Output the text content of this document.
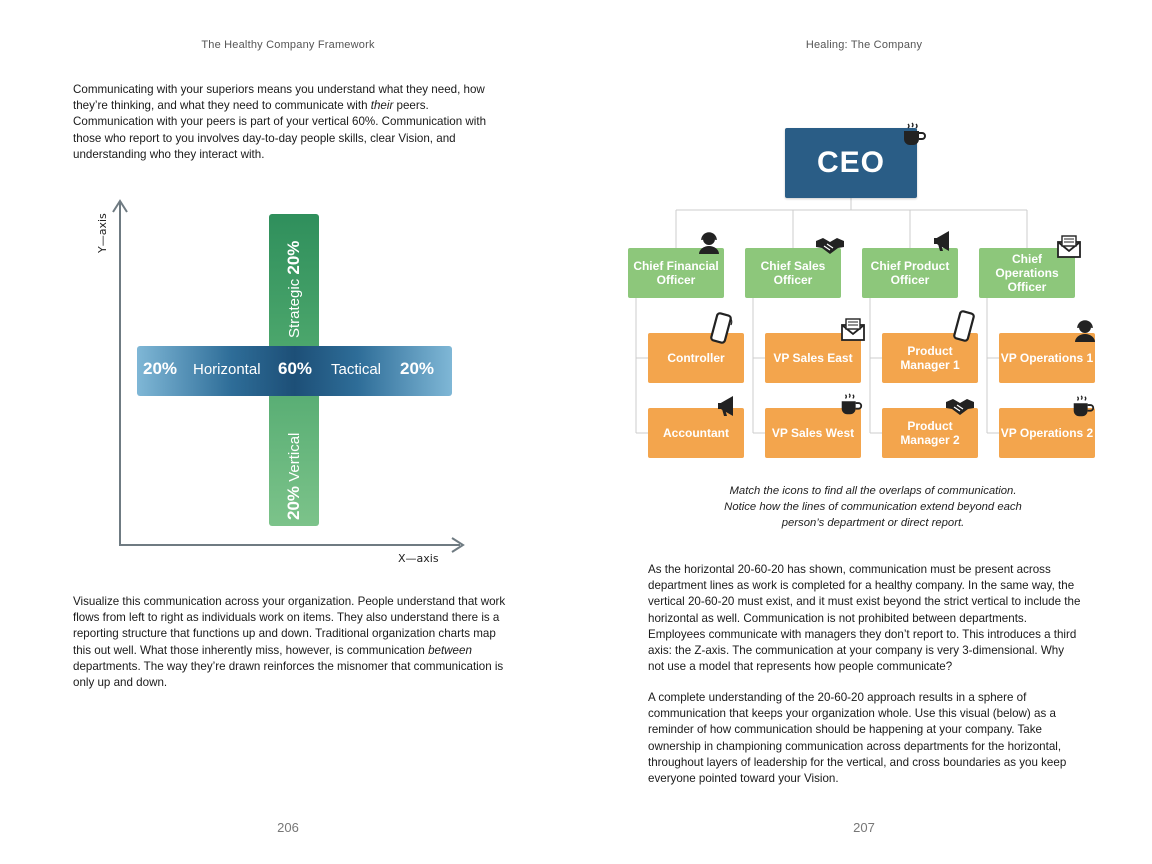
The Healthy Company Framework

Communicating with your superiors means you understand what they need, how they’re thinking, and what they need to communicate with their peers. Communication with your peers is part of your vertical 60%. Communication with those who report to you involves day-to-day people skills, clear Vision, and understanding who they interact with.

Y—axis
X—axis
Strategic 20%
20% Vertical
20% Horizontal 60% Tactical 20%

Visualize this communication across your organization. People understand that work flows from left to right as individuals work on items. They also understand there is a reporting structure that functions up and down. Traditional organization charts map this out well. What those inherently miss, however, is communication between departments. The way they’re drawn reinforces the misnomer that communication is only up and down.

206
Healing: The Company
CEO
Chief Financial Officer
Chief Sales Officer
Chief Product Officer
Chief Operations Officer
Controller	VP Sales East	Product Manager 1	VP Operations 1
Accountant	VP Sales West	Product Manager 2	VP Operations 2
Match the icons to find all the overlaps of communication.
Notice how the lines of communication extend beyond each
person’s department or direct report.

As the horizontal 20-60-20 has shown, communication must be present across department lines as work is completed for a healthy company. In the same way, the vertical 20-60-20 must exist, and it must exist beyond the strict vertical to include the horizontal as well. Communication is not prohibited between departments. Employees communicate with managers they don’t report to. This introduces a third axis: the Z-axis. The communication at your company is very 3-dimensional. Why not use a model that represents how people communicate?

A complete understanding of the 20-60-20 approach results in a sphere of communication that keeps your organization whole. Use this visual (below) as a reminder of how communication should be happening at your company. Take ownership in championing communication across departments for the horizontal, throughout layers of leadership for the vertical, and cross boundaries as you keep everyone pointed toward your Vision.

207
